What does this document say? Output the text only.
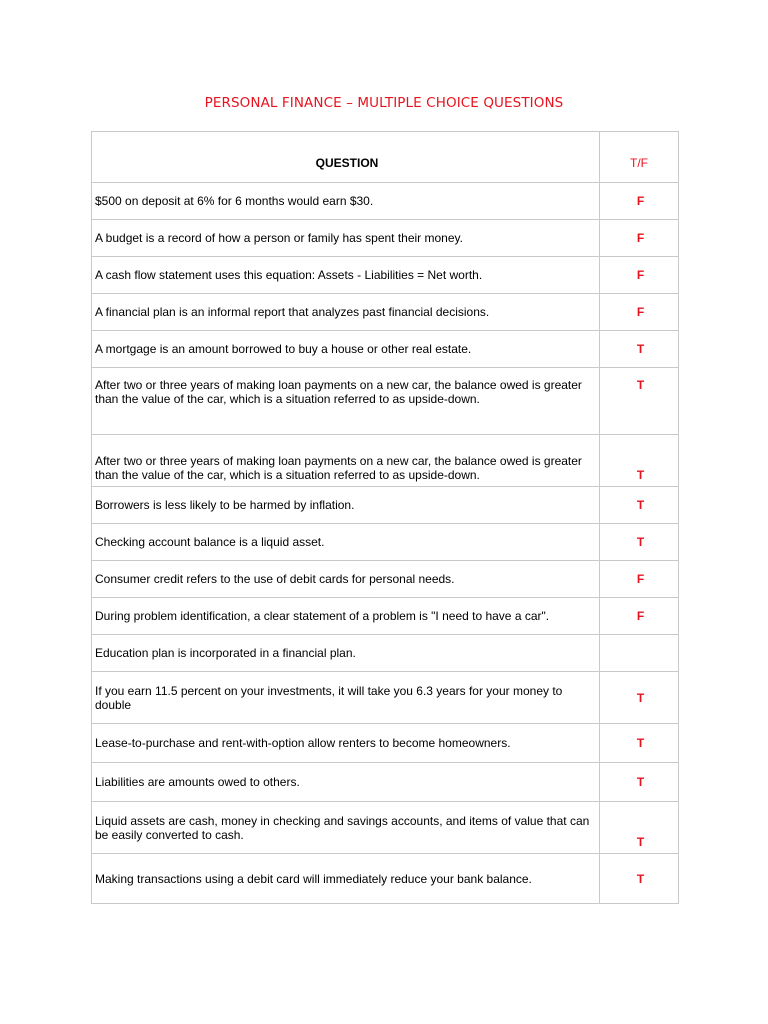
PERSONAL FINANCE – MULTIPLE CHOICE QUESTIONS
QUESTION	T/F
$500 on deposit at 6% for 6 months would earn $30.	F
A budget is a record of how a person or family has spent their money.	F
A cash flow statement uses this equation: Assets - Liabilities = Net worth.	F
A financial plan is an informal report that analyzes past financial decisions.	F
A mortgage is an amount borrowed to buy a house or other real estate.	T
After two or three years of making loan payments on a new car, the balance owed is greater than the value of the car, which is a situation referred to as upside-down.	T
After two or three years of making loan payments on a new car, the balance owed is greater than the value of the car, which is a situation referred to as upside-down.	T
Borrowers is less likely to be harmed by inflation.	T
Checking account balance is a liquid asset.	T
Consumer credit refers to the use of debit cards for personal needs.	F
During problem identification, a clear statement of a problem is "I need to have a car".	F
Education plan is incorporated in a financial plan.	
If you earn 11.5 percent on your investments, it will take you 6.3 years for your money to double	T
Lease-to-purchase and rent-with-option allow renters to become homeowners.	T
Liabilities are amounts owed to others.	T
Liquid assets are cash, money in checking and savings accounts, and items of value that can be easily converted to cash.	T
Making transactions using a debit card will immediately reduce your bank balance.	T
